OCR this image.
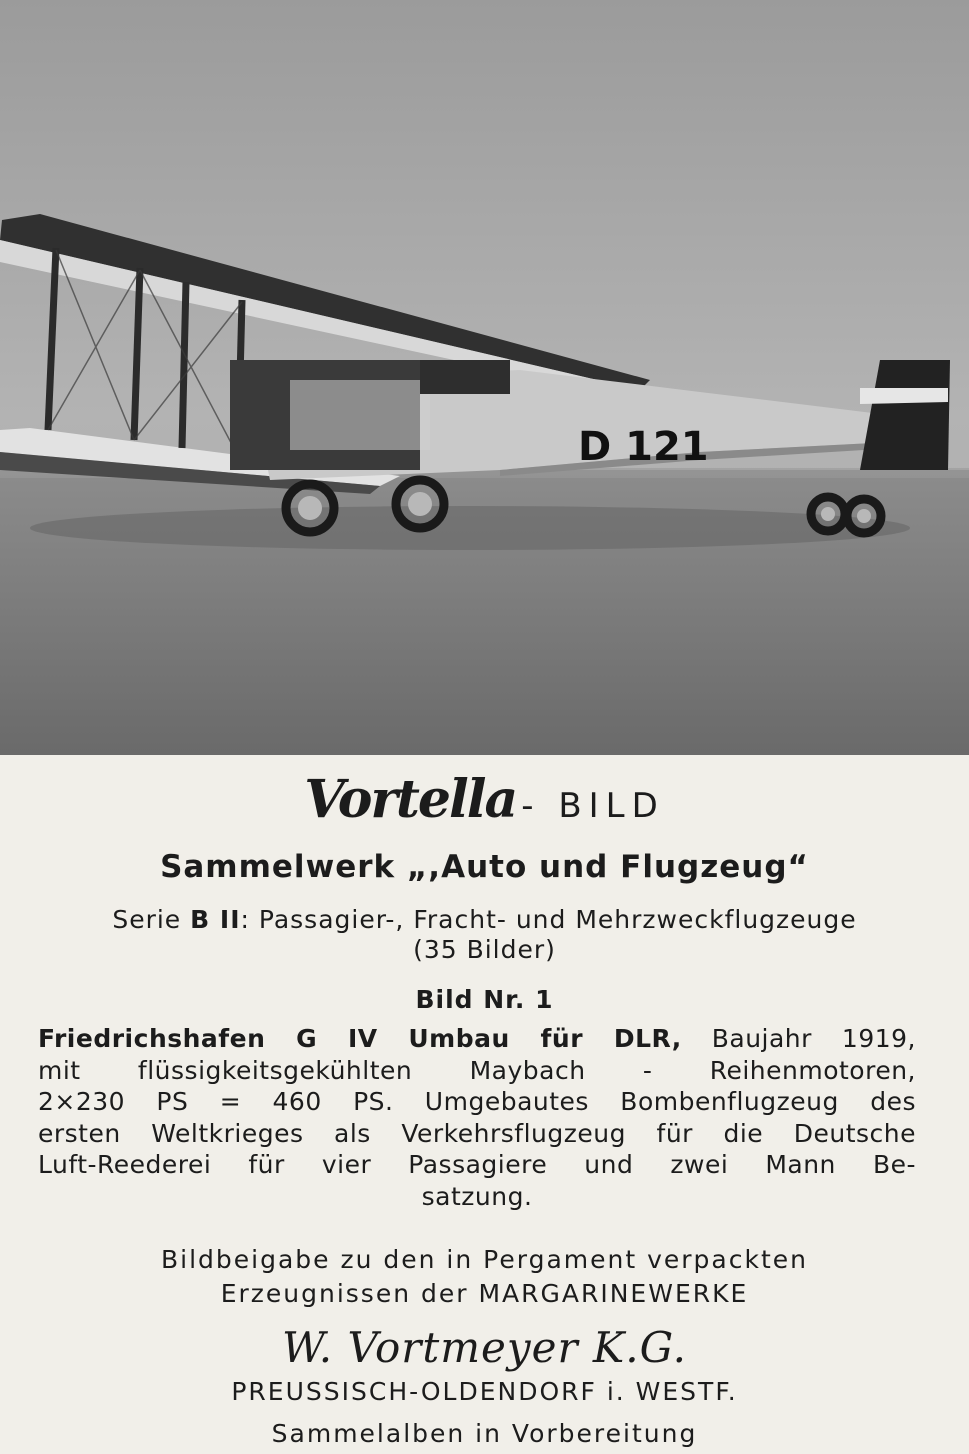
D 121
Vortella - BILD
Sammelwerk „,Auto und Flugzeug“
Serie B II: Passagier-, Fracht- und Mehrzweckflugzeuge
(35 Bilder)
Bild Nr. 1
Friedrichshafen G IV Umbau für DLR, Baujahr 1919,
mit flüssigkeitsgekühlten Maybach - Reihenmotoren,
2×230 PS = 460 PS. Umgebautes Bombenflugzeug des
ersten Weltkrieges als Verkehrsflugzeug für die Deutsche
Luft-Reederei für vier Passagiere und zwei Mann Be-
satzung.
Bildbeigabe zu den in Pergament verpackten
Erzeugnissen der MARGARINEWERKE
W. Vortmeyer K.G.
PREUSSISCH-OLDENDORF i. WESTF.
Sammelalben in Vorbereitung
